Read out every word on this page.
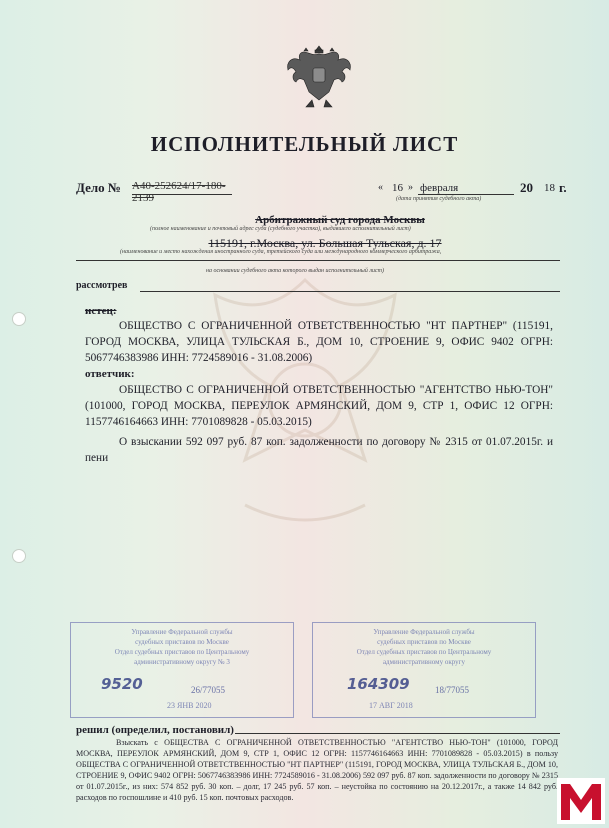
ИСПОЛНИТЕЛЬНЫЙ ЛИСТ
Дело № А40-252624/17-180-2139
« 16 » февраля	20 18 г.
(дата принятия судебного акта)
Арбитражный суд города Москвы
(полное наименование и почтовый адрес суда (судебного участка), выдавшего исполнительный лист)
115191, г.Москва, ул. Большая Тульская, д. 17
(наименование и место нахождения иностранного суда, третейского суда или международного коммерческого арбитража,
на основании судебного акта которого выдан исполнительный лист)
рассмотрев
истец:
ОБЩЕСТВО С ОГРАНИЧЕННОЙ ОТВЕТСТВЕННОСТЬЮ "НТ ПАРТНЕР" (115191, ГОРОД МОСКВА, УЛИЦА ТУЛЬСКАЯ Б., ДОМ 10, СТРОЕНИЕ 9, ОФИС 9402 ОГРН: 5067746383986 ИНН: 7724589016 - 31.08.2006)
ответчик:
ОБЩЕСТВО С ОГРАНИЧЕННОЙ ОТВЕТСТВЕННОСТЬЮ "АГЕНТСТВО НЬЮ-ТОН" (101000, ГОРОД МОСКВА, ПЕРЕУЛОК АРМЯНСКИЙ, ДОМ 9, СТР 1, ОФИС 12 ОГРН: 1157746164663 ИНН: 7701089828 - 05.03.2015)
О взыскании 592 097 руб. 87 коп. задолженности по договору № 2315 от 01.07.2015г. и пени
Управление Федеральной службы
судебных приставов по Москве
Отдел судебных приставов по Центральному
административному округу № 3
9520	26/77055
23 ЯНВ 2020
Управление Федеральной службы
судебных приставов по Москве
Отдел судебных приставов по Центральному
административному округу
164309	18/77055
17 АВГ 2018
решил (определил, постановил)
Взыскать с ОБЩЕСТВА С ОГРАНИЧЕННОЙ ОТВЕТСТВЕННОСТЬЮ "АГЕНТСТВО НЬЮ-ТОН" (101000, ГОРОД МОСКВА, ПЕРЕУЛОК АРМЯНСКИЙ, ДОМ 9, СТР 1, ОФИС 12 ОГРН: 1157746164663 ИНН: 7701089828 - 05.03.2015) в пользу ОБЩЕСТВА С ОГРАНИЧЕННОЙ ОТВЕТСТВЕННОСТЬЮ "НТ ПАРТНЕР" (115191, ГОРОД МОСКВА, УЛИЦА ТУЛЬСКАЯ Б., ДОМ 10, СТРОЕНИЕ 9, ОФИС 9402 ОГРН: 5067746383986 ИНН: 7724589016 - 31.08.2006) 592 097 руб. 87 коп. задолженности по договору № 2315 от 01.07.2015г., из них: 574 852 руб. 30 коп. – долг, 17 245 руб. 57 коп. – неустойка по состоянию на 20.12.2017г., а также 14 842 руб. расходов по госпошлине и 410 руб. 15 коп. почтовых расходов.
